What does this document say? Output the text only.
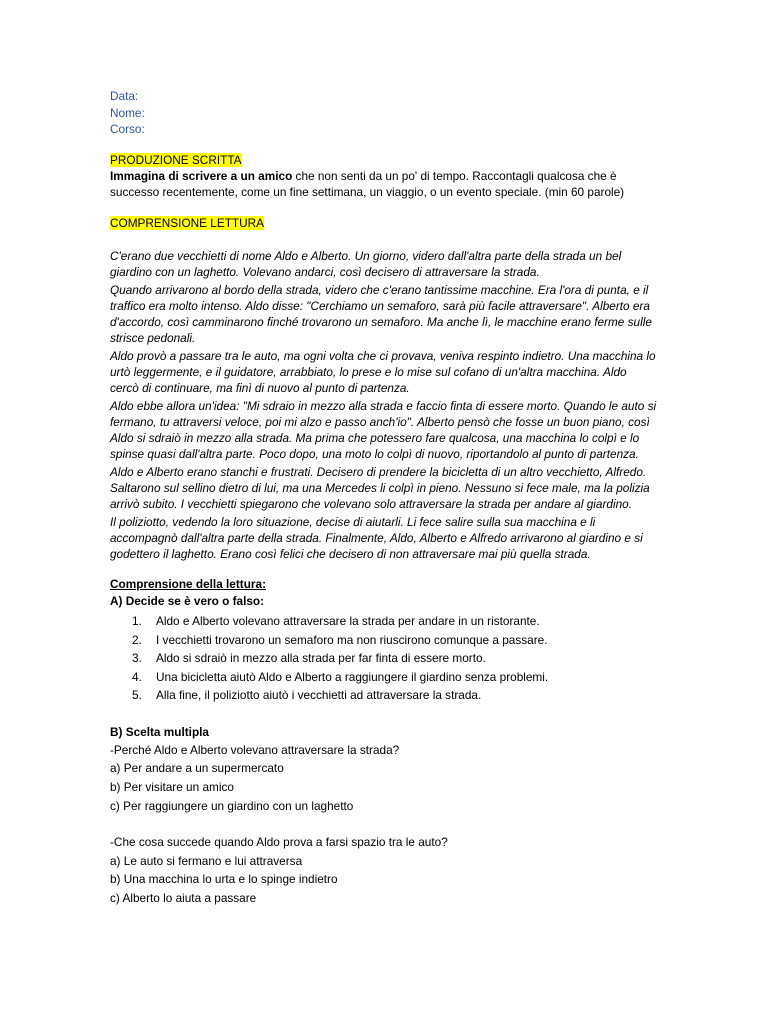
Data:
Nome:
Corso:
PRODUZIONE SCRITTA
Immagina di scrivere a un amico che non senti da un po' di tempo. Raccontagli qualcosa che è successo recentemente, come un fine settimana, un viaggio, o un evento speciale. (min 60 parole)
COMPRENSIONE LETTURA

C'erano due vecchietti di nome Aldo e Alberto. Un giorno, videro dall'altra parte della strada un bel giardino con un laghetto. Volevano andarci, così decisero di attraversare la strada.

Quando arrivarono al bordo della strada, videro che c'erano tantissime macchine. Era l'ora di punta, e il traffico era molto intenso. Aldo disse: "Cerchiamo un semaforo, sarà più facile attraversare". Alberto era d'accordo, così camminarono finché trovarono un semaforo. Ma anche lì, le macchine erano ferme sulle strisce pedonali.

Aldo provò a passare tra le auto, ma ogni volta che ci provava, veniva respinto indietro. Una macchina lo urtò leggermente, e il guidatore, arrabbiato, lo prese e lo mise sul cofano di un'altra macchina. Aldo cercò di continuare, ma finì di nuovo al punto di partenza.

Aldo ebbe allora un'idea: "Mi sdraio in mezzo alla strada e faccio finta di essere morto. Quando le auto si fermano, tu attraversi veloce, poi mi alzo e passo anch'io". Alberto pensò che fosse un buon piano, così Aldo si sdraiò in mezzo alla strada. Ma prima che potessero fare qualcosa, una macchina lo colpì e lo spinse quasi dall'altra parte. Poco dopo, una moto lo colpì di nuovo, riportandolo al punto di partenza.

Aldo e Alberto erano stanchi e frustrati. Decisero di prendere la bicicletta di un altro vecchietto, Alfredo. Saltarono sul sellino dietro di lui, ma una Mercedes li colpì in pieno. Nessuno si fece male, ma la polizia arrivò subito. I vecchietti spiegarono che volevano solo attraversare la strada per andare al giardino.

Il poliziotto, vedendo la loro situazione, decise di aiutarli. Li fece salire sulla sua macchina e li accompagnò dall'altra parte della strada. Finalmente, Aldo, Alberto e Alfredo arrivarono al giardino e si godettero il laghetto. Erano così felici che decisero di non attraversare mai più quella strada.

Comprensione della lettura:
A) Decide se è vero o falso:
1. Aldo e Alberto volevano attraversare la strada per andare in un ristorante.
2. I vecchietti trovarono un semaforo ma non riuscirono comunque a passare.
3. Aldo si sdraiò in mezzo alla strada per far finta di essere morto.
4. Una bicicletta aiutò Aldo e Alberto a raggiungere il giardino senza problemi.
5. Alla fine, il poliziotto aiutò i vecchietti ad attraversare la strada.
B) Scelta multipla
-Perché Aldo e Alberto volevano attraversare la strada?
a) Per andare a un supermercato
b) Per visitare un amico
c) Per raggiungere un giardino con un laghetto
-Che cosa succede quando Aldo prova a farsi spazio tra le auto?
a) Le auto si fermano e lui attraversa
b) Una macchina lo urta e lo spinge indietro
c) Alberto lo aiuta a passare
